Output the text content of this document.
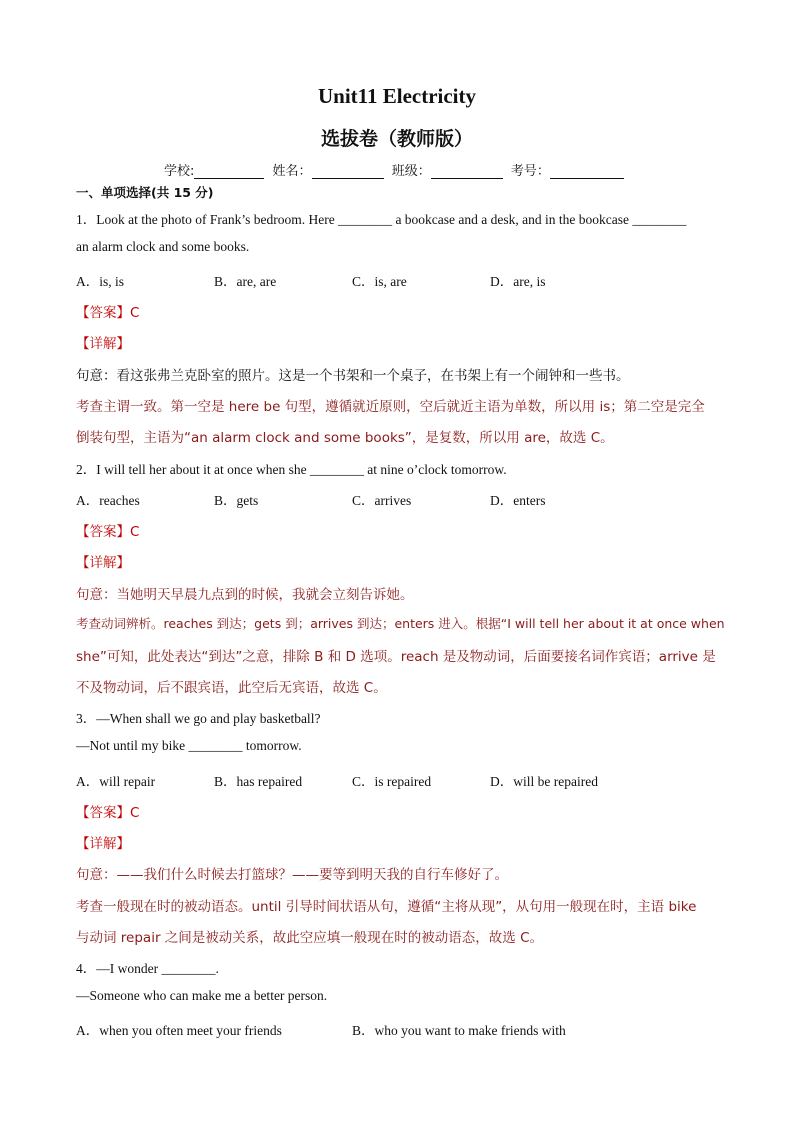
Unit11 Electricity
选拔卷（教师版）
学校:	姓名：	班级：	考号：
一、单项选择(共 15 分)
1．Look at the photo of Frank’s bedroom. Here ________ a bookcase and a desk, and in the bookcase ________
an alarm clock and some books.
A．is, is	B．are, are	C．is, are	D．are, is
【答案】C
【详解】
句意：看这张弗兰克卧室的照片。这是一个书架和一个桌子，在书架上有一个闹钟和一些书。
考查主谓一致。第一空是 here be 句型，遵循就近原则，空后就近主语为单数，所以用 is；第二空是完全
倒装句型，主语为“an alarm clock and some books”，是复数，所以用 are，故选 C。
2．I will tell her about it at once when she ________ at nine o’clock tomorrow.
A．reaches	B．gets	C．arrives	D．enters
【答案】C
【详解】
句意：当她明天早晨九点到的时候，我就会立刻告诉她。
考查动词辨析。reaches 到达；gets 到；arrives 到达；enters 进入。根据“I will tell her about it at once when
she”可知，此处表达“到达”之意，排除 B 和 D 选项。reach 是及物动词，后面要接名词作宾语；arrive 是
不及物动词，后不跟宾语，此空后无宾语，故选 C。
3．—When shall we go and play basketball?
—Not until my bike ________ tomorrow.
A．will repair	B．has repaired	C．is repaired	D．will be repaired
【答案】C
【详解】
句意：——我们什么时候去打篮球？——要等到明天我的自行车修好了。
考查一般现在时的被动语态。until 引导时间状语从句，遵循“主将从现”，从句用一般现在时，主语 bike
与动词 repair 之间是被动关系，故此空应填一般现在时的被动语态，故选 C。
4．—I wonder ________.
—Someone who can make me a better person.
A．when you often meet your friends	B．who you want to make friends with
